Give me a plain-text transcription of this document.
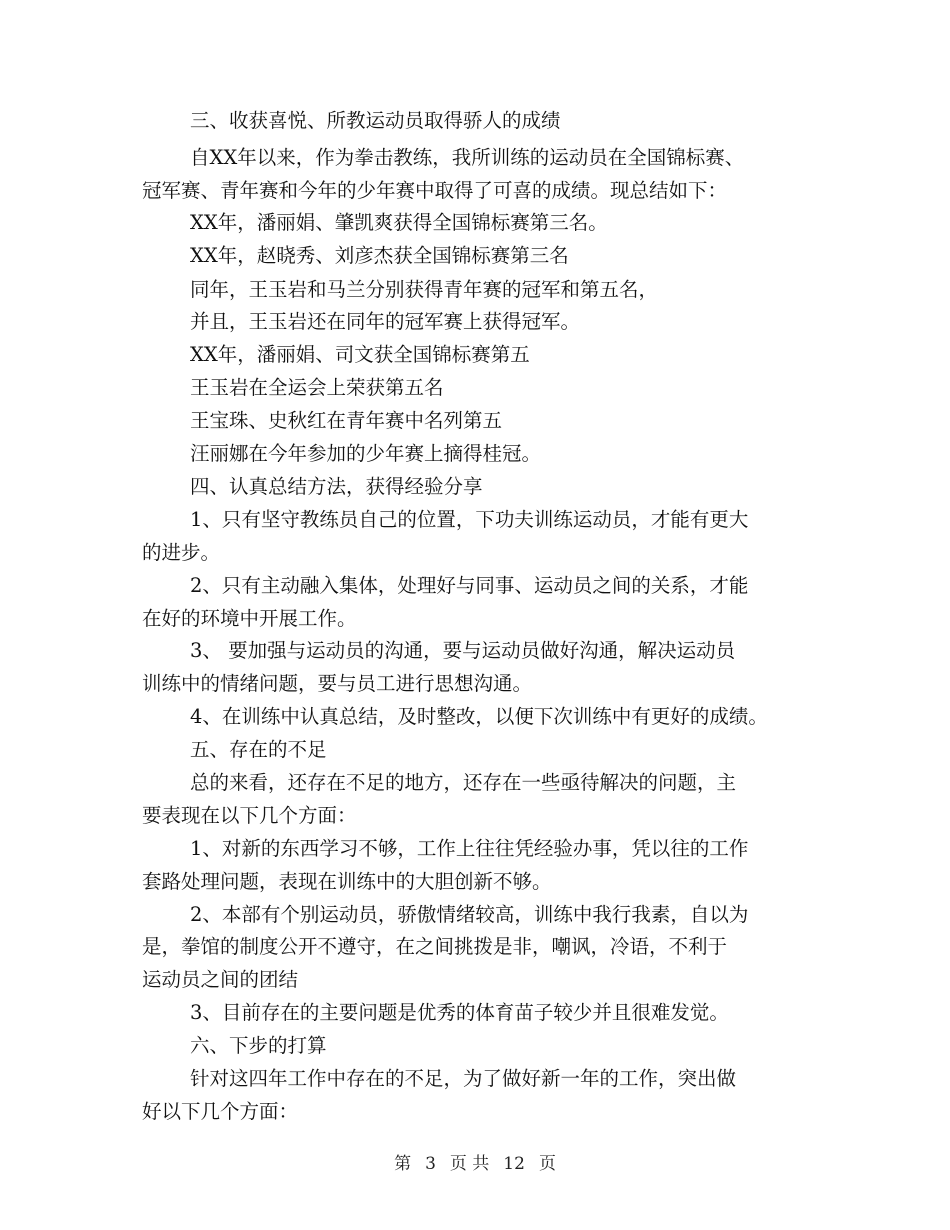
三、收获喜悦、所教运动员取得骄人的成绩
自XX年以来，作为拳击教练，我所训练的运动员在全国锦标赛、
冠军赛、青年赛和今年的少年赛中取得了可喜的成绩。现总结如下：
XX年，潘丽娟、肇凯爽获得全国锦标赛第三名。
XX年，赵晓秀、刘彦杰获全国锦标赛第三名
同年，王玉岩和马兰分别获得青年赛的冠军和第五名，
并且，王玉岩还在同年的冠军赛上获得冠军。
XX年，潘丽娟、司文获全国锦标赛第五
王玉岩在全运会上荣获第五名
王宝珠、史秋红在青年赛中名列第五
汪丽娜在今年参加的少年赛上摘得桂冠。
四、认真总结方法，获得经验分享
1、只有坚守教练员自己的位置，下功夫训练运动员，才能有更大
的进步。
2、只有主动融入集体，处理好与同事、运动员之间的关系，才能
在好的环境中开展工作。
3、 要加强与运动员的沟通，要与运动员做好沟通，解决运动员
训练中的情绪问题，要与员工进行思想沟通。
4、在训练中认真总结，及时整改，以便下次训练中有更好的成绩。
五、存在的不足
总的来看，还存在不足的地方，还存在一些亟待解决的问题，主
要表现在以下几个方面：
1、对新的东西学习不够，工作上往往凭经验办事，凭以往的工作
套路处理问题，表现在训练中的大胆创新不够。
2、本部有个别运动员，骄傲情绪较高，训练中我行我素，自以为
是，拳馆的制度公开不遵守，在之间挑拨是非，嘲讽，冷语，不利于
运动员之间的团结
3、目前存在的主要问题是优秀的体育苗子较少并且很难发觉。
六、下步的打算
针对这四年工作中存在的不足，为了做好新一年的工作，突出做
好以下几个方面：
第 3 页 共 12 页
